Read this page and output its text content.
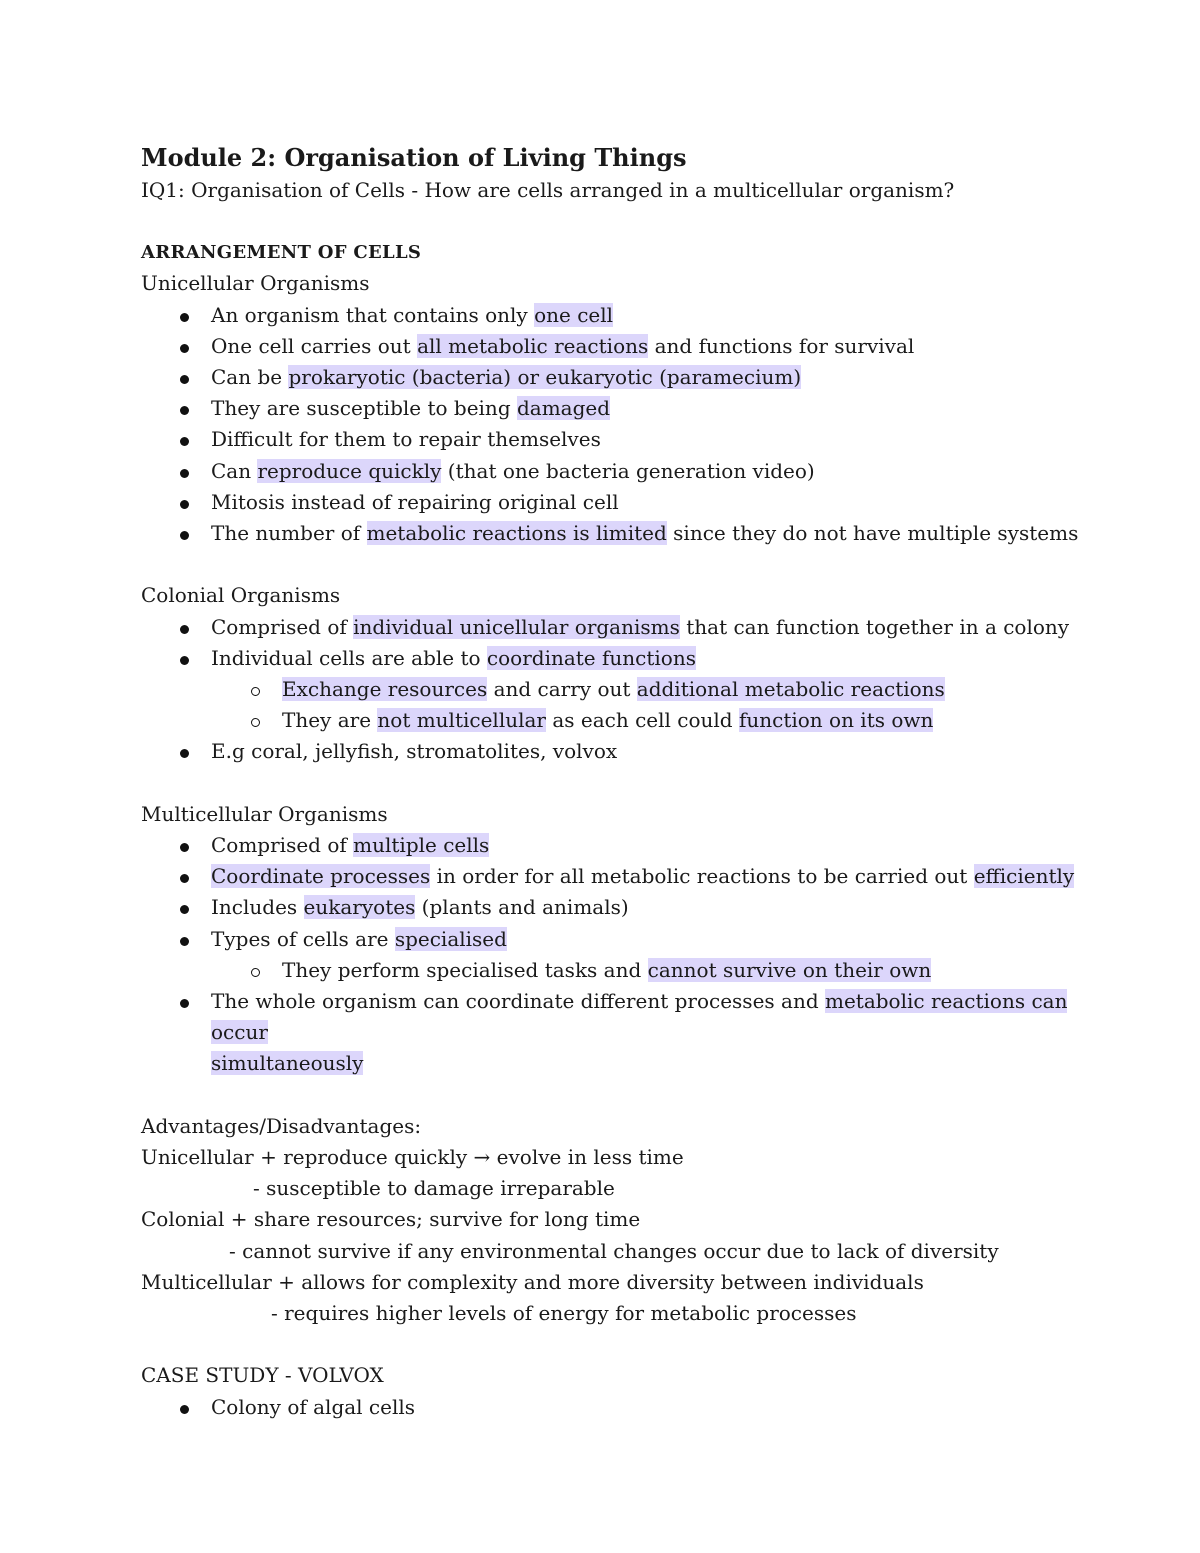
Module 2: Organisation of Living Things
IQ1: Organisation of Cells - How are cells arranged in a multicellular organism?
ARRANGEMENT OF CELLS
Unicellular Organisms
An organism that contains only one cell
One cell carries out all metabolic reactions and functions for survival
Can be prokaryotic (bacteria) or eukaryotic (paramecium)
They are susceptible to being damaged
Difficult for them to repair themselves
Can reproduce quickly (that one bacteria generation video)
Mitosis instead of repairing original cell
The number of metabolic reactions is limited since they do not have multiple systems
Colonial Organisms
Comprised of individual unicellular organisms that can function together in a colony
Individual cells are able to coordinate functions
Exchange resources and carry out additional metabolic reactions
They are not multicellular as each cell could function on its own
E.g coral, jellyfish, stromatolites, volvox
Multicellular Organisms
Comprised of multiple cells
Coordinate processes in order for all metabolic reactions to be carried out efficiently
Includes eukaryotes (plants and animals)
Types of cells are specialised
They perform specialised tasks and cannot survive on their own
The whole organism can coordinate different processes and metabolic reactions can occur
simultaneously
Advantages/Disadvantages:
Unicellular + reproduce quickly → evolve in less time
- susceptible to damage irreparable
Colonial + share resources; survive for long time
- cannot survive if any environmental changes occur due to lack of diversity
Multicellular + allows for complexity and more diversity between individuals
- requires higher levels of energy for metabolic processes
CASE STUDY - VOLVOX
Colony of algal cells
